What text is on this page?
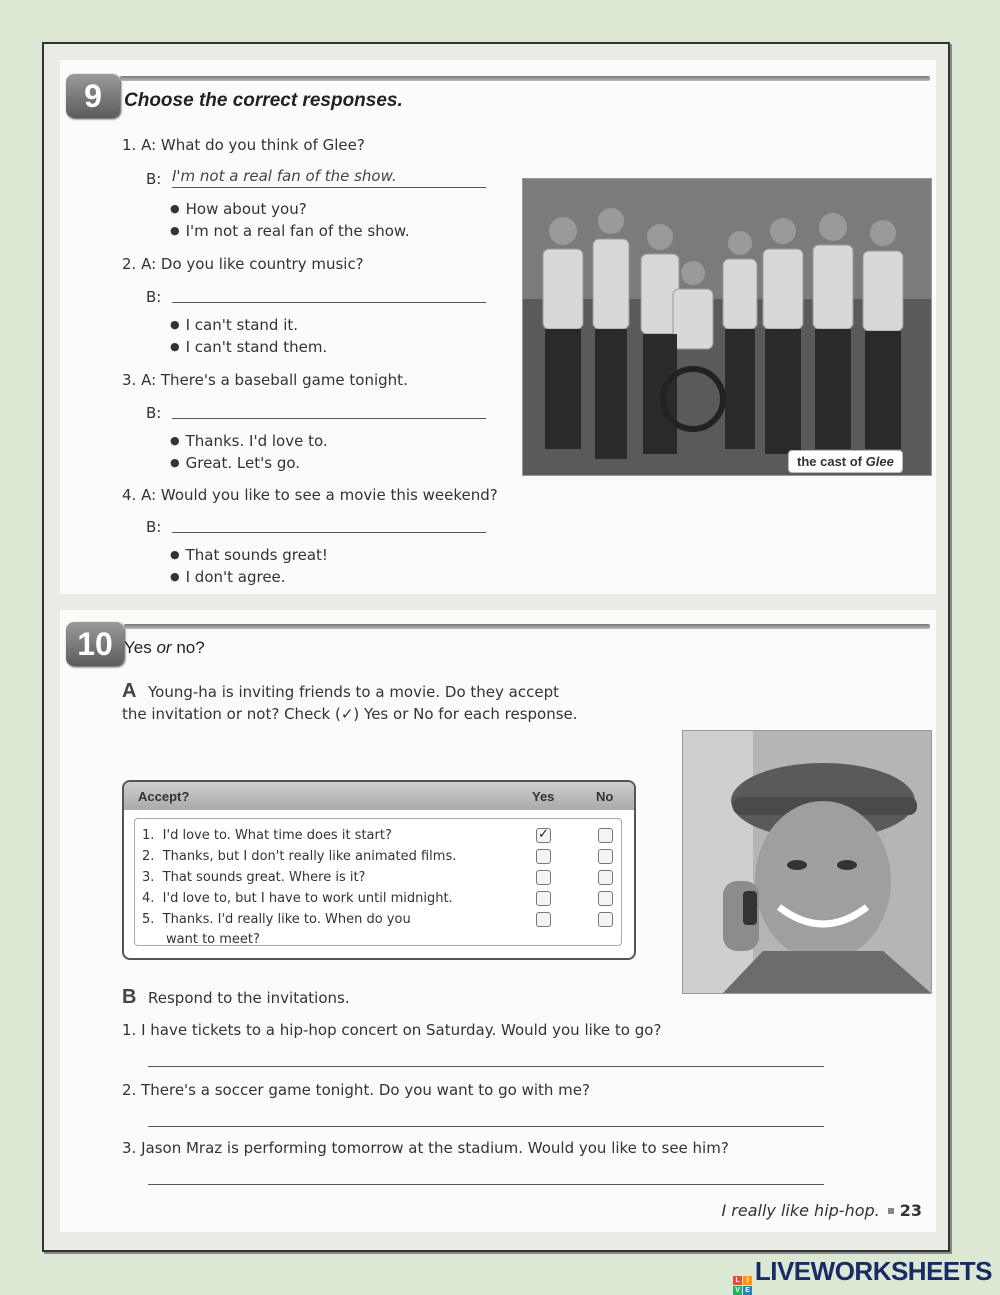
9	Choose the correct responses.
1. A: What do you think of Glee?
B: I'm not a real fan of the show.
● How about you?
● I'm not a real fan of the show.
2. A: Do you like country music?
B:
● I can't stand it.
● I can't stand them.
3. A: There's a baseball game tonight.
B:
● Thanks. I'd love to.
● Great. Let's go.
4. A: Would you like to see a movie this weekend?
B:
● That sounds great!
● I don't agree.
the cast of Glee
10 Yes or no?
A Young-ha is inviting friends to a movie. Do they accept
the invitation or not? Check (✓) Yes or No for each response.
Accept?	Yes	No
1. I'd love to. What time does it start?	✓
2. Thanks, but I don't really like animated films.
3. That sounds great. Where is it?
4. I'd love to, but I have to work until midnight.
5. Thanks. I'd really like to. When do you
want to meet?
B Respond to the invitations.
1. I have tickets to a hip-hop concert on Saturday. Would you like to go?
2. There's a soccer game tonight. Do you want to go with me?
3. Jason Mraz is performing tomorrow at the stadium. Would you like to see him?
I really like hip-hop. 23
L	I
V E
LIVEWORKSHEETS
